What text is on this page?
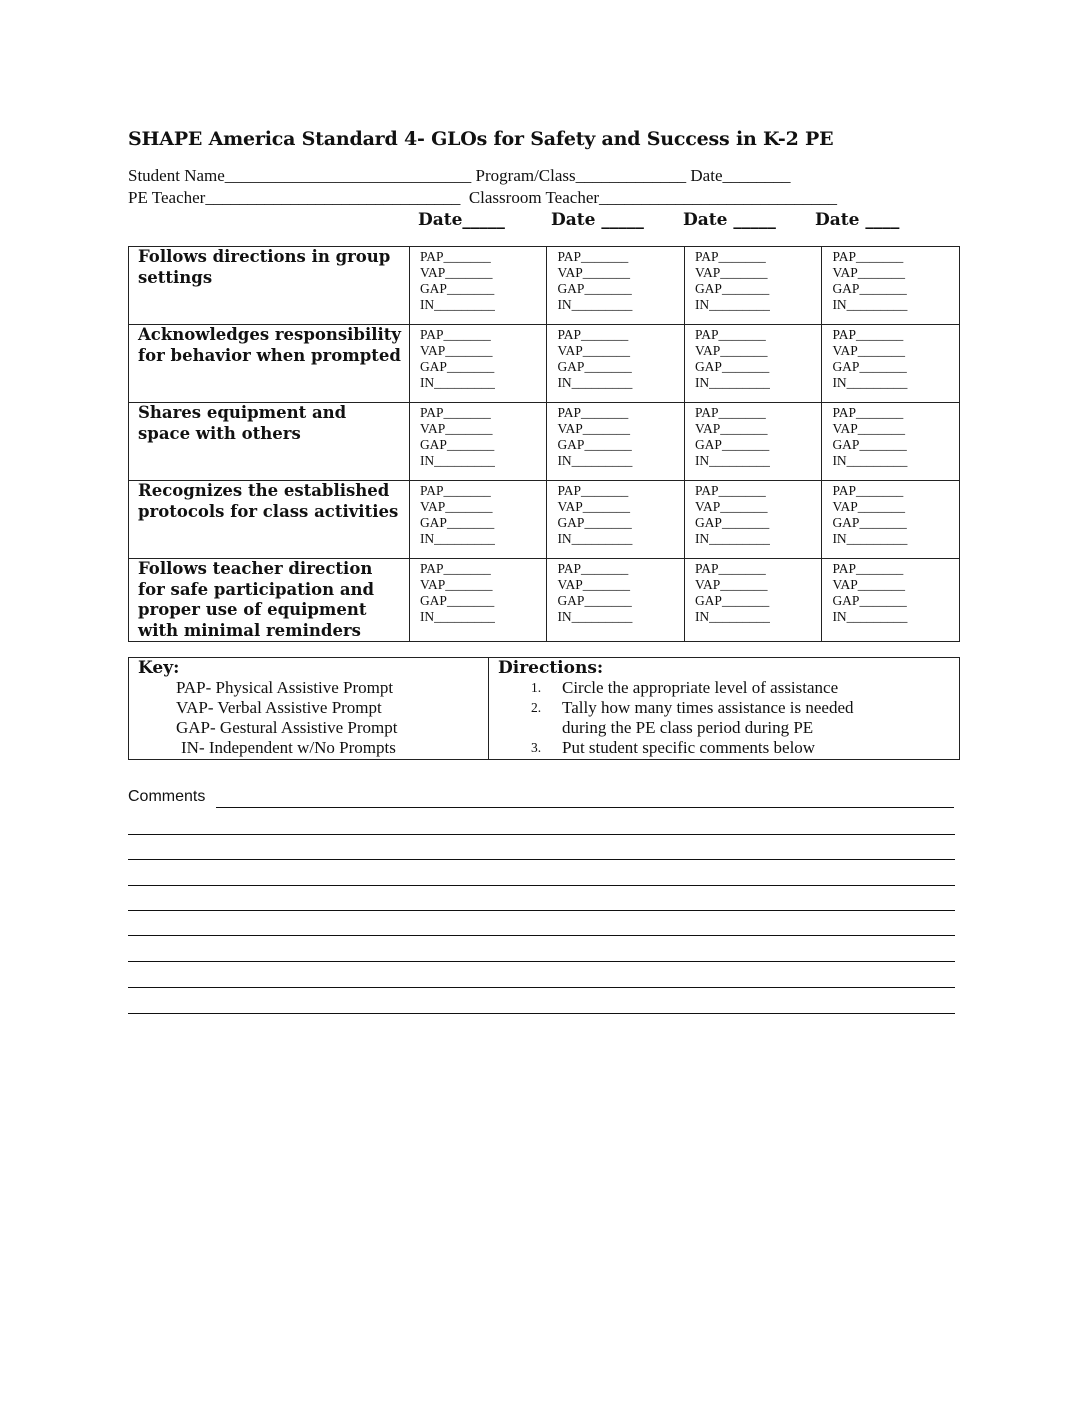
SHAPE America Standard 4- GLOs for Safety and Success in K-2 PE
Student Name_____________________________ Program/Class_____________ Date________
PE Teacher______________________________  Classroom Teacher____________________________
Date_____	Date _____ Date _____ Date ____
Follows directions in group settings	PAP_______
VAP_______
GAP_______
IN_________	PAP_______
VAP_______
GAP_______
IN_________	PAP_______
VAP_______
GAP_______
IN_________	PAP_______
VAP_______
GAP_______
IN_________

Acknowledges responsibility for behavior when prompted	PAP_______
VAP_______
GAP_______
IN_________	PAP_______
VAP_______
GAP_______
IN_________	PAP_______
VAP_______
GAP_______
IN_________	PAP_______
VAP_______
GAP_______
IN_________

Shares equipment and space with others	PAP_______
VAP_______
GAP_______
IN_________	PAP_______
VAP_______
GAP_______
IN_________	PAP_______
VAP_______
GAP_______
IN_________	PAP_______
VAP_______
GAP_______
IN_________

Recognizes the established protocols for class activities	PAP_______
VAP_______
GAP_______
IN_________	PAP_______
VAP_______
GAP_______
IN_________	PAP_______
VAP_______
GAP_______
IN_________	PAP_______
VAP_______
GAP_______
IN_________

Follows teacher direction for safe participation and proper use of equipment with minimal reminders	PAP_______
VAP_______
GAP_______
IN_________	PAP_______
VAP_______
GAP_______
IN_________	PAP_______
VAP_______
GAP_______
IN_________	PAP_______
VAP_______
GAP_______
IN_________
Key:
PAP- Physical Assistive Prompt
VAP- Verbal Assistive Prompt
GAP- Gestural Assistive Prompt
IN- Independent w/No Prompts

Directions:
1.	Circle the appropriate level of assistance
2.	Tally how many times assistance is needed during the PE class period during PE
3.	Put student specific comments below
Comments
